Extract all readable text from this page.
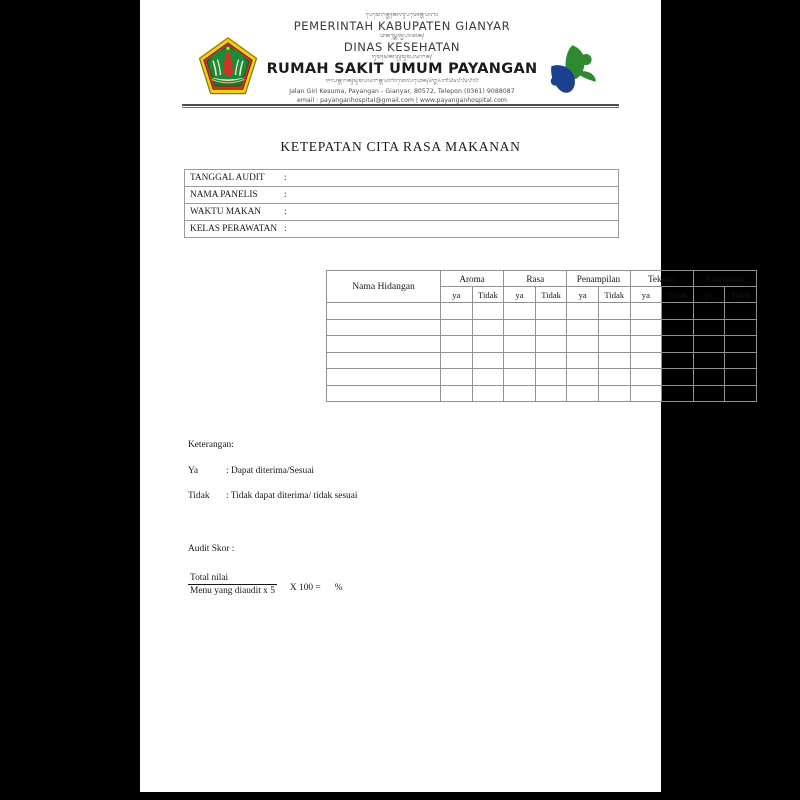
ᬧᬾᬫᬾᬭᬶᬦ᭄ᬢᬄᬓᬩᬸᬧᬢᬾᬦ᭄ᬕᬶᬬᬜᬃ
PEMERINTAH KABUPATEN GIANYAR
ᬤᬶᬦᬲ᭄ᬓᬾᬰᬺᬳᬢᬦ᭄
DINAS KESEHATAN
ᬭᬸᬫᬄᬲᬓᬶᬢ᭄ᬳᬸᬫᬸᬫ᭄ᬧᬬᬗᬦ᭄
RUMAH SAKIT UMUM PAYANGAN
ᬚᬮᬦ᭄ᬕᬶᬭᬶᬓᬸᬲᬸᬫᬧᬬᬗᬦ᭄ᬕᬶᬬᬜᬃᬢᬾᬮᭂᬧᭀᬦ᭄᭐᭓᭖᭑᭙᭐᭘᭘᭐᭘᭗
Jalan Giri Kesuma, Payangan - Gianyar, 80572, Telepon (0361) 9088087
email : payanganhospital@gmail.com | www.payanganhospital.com
KETEPATAN CITA RASA MAKANAN
TANGGAL AUDIT :	
NAMA PANELIS :	
WAKTU MAKAN :	
KELAS PERAWATAN :	
Nama Hidangan	Aroma		Rasa		Penampilan		Tekstur		Keamanan	
	ya	Tidak	ya	Tidak	ya	Tidak	ya	Tidak	ya	Tidak

Keterangan:
Ya	: Dapat diterima/Sesuai
Tidak : Tidak dapat diterima/ tidak sesuai
Audit Skor :
$\frac{\text{Total nilai}}{\text{Menu yang diaudit x 5}}$ X 100 = %
